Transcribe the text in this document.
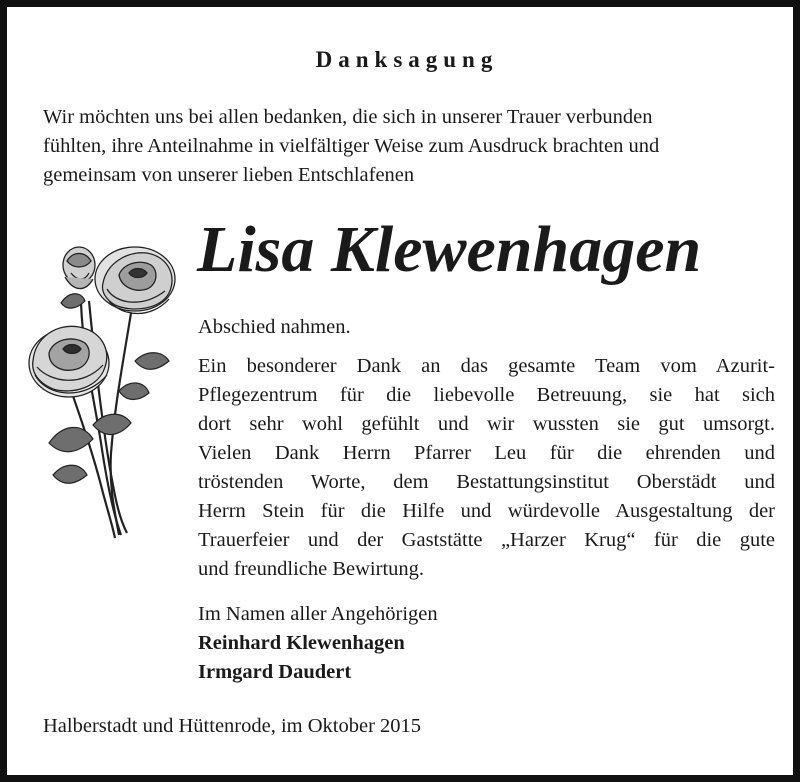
Danksagung
Wir möchten uns bei allen bedanken, die sich in unserer Trauer verbunden
fühlten, ihre Anteilnahme in vielfältiger Weise zum Ausdruck brachten und
gemeinsam von unserer lieben Entschlafenen
Lisa Klewenhagen
Abschied nahmen.
Ein besonderer Dank an das gesamte Team vom Azurit-
Pflegezentrum für die liebevolle Betreuung, sie hat sich
dort sehr wohl gefühlt und wir wussten sie gut umsorgt.
Vielen Dank Herrn Pfarrer Leu für die ehrenden und
tröstenden Worte, dem Bestattungsinstitut Oberstädt und
Herrn Stein für die Hilfe und würdevolle Ausgestaltung der
Trauerfeier und der Gaststätte „Harzer Krug“ für die gute
und freundliche Bewirtung.
Im Namen aller Angehörigen
Reinhard Klewenhagen
Irmgard Daudert
Halberstadt und Hüttenrode, im Oktober 2015
